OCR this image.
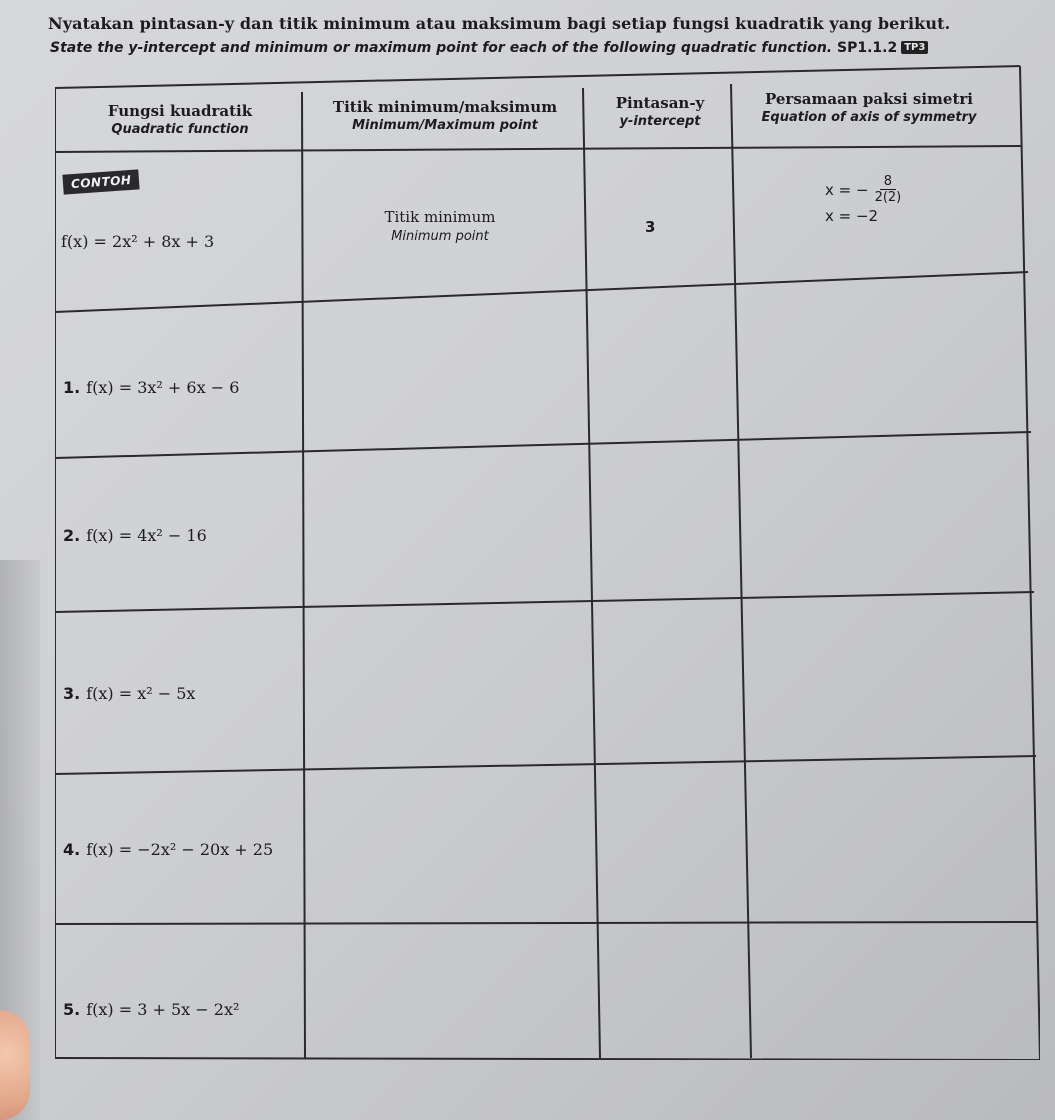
Nyatakan pintasan-y dan titik minimum atau maksimum bagi setiap fungsi kuadratik yang berikut.
State the y-intercept and minimum or maximum point for each of the following quadratic function. SP1.1.2 TP3
Fungsi kuadratik
Quadratic function
Titik minimum/maksimum
Minimum/Maximum point
Pintasan-y
y-intercept
Persamaan paksi simetri
Equation of axis of symmetry
CONTOH
f(x) = 2x² + 8x + 3
Titik minimum
Minimum point
3
x = − $\frac{8}{2(2)}$
x = −2
1. f(x) = 3x² + 6x − 6
2. f(x) = 4x² − 16
3. f(x) = x² − 5x
4. f(x) = −2x² − 20x + 25
5. f(x) = 3 + 5x − 2x²
